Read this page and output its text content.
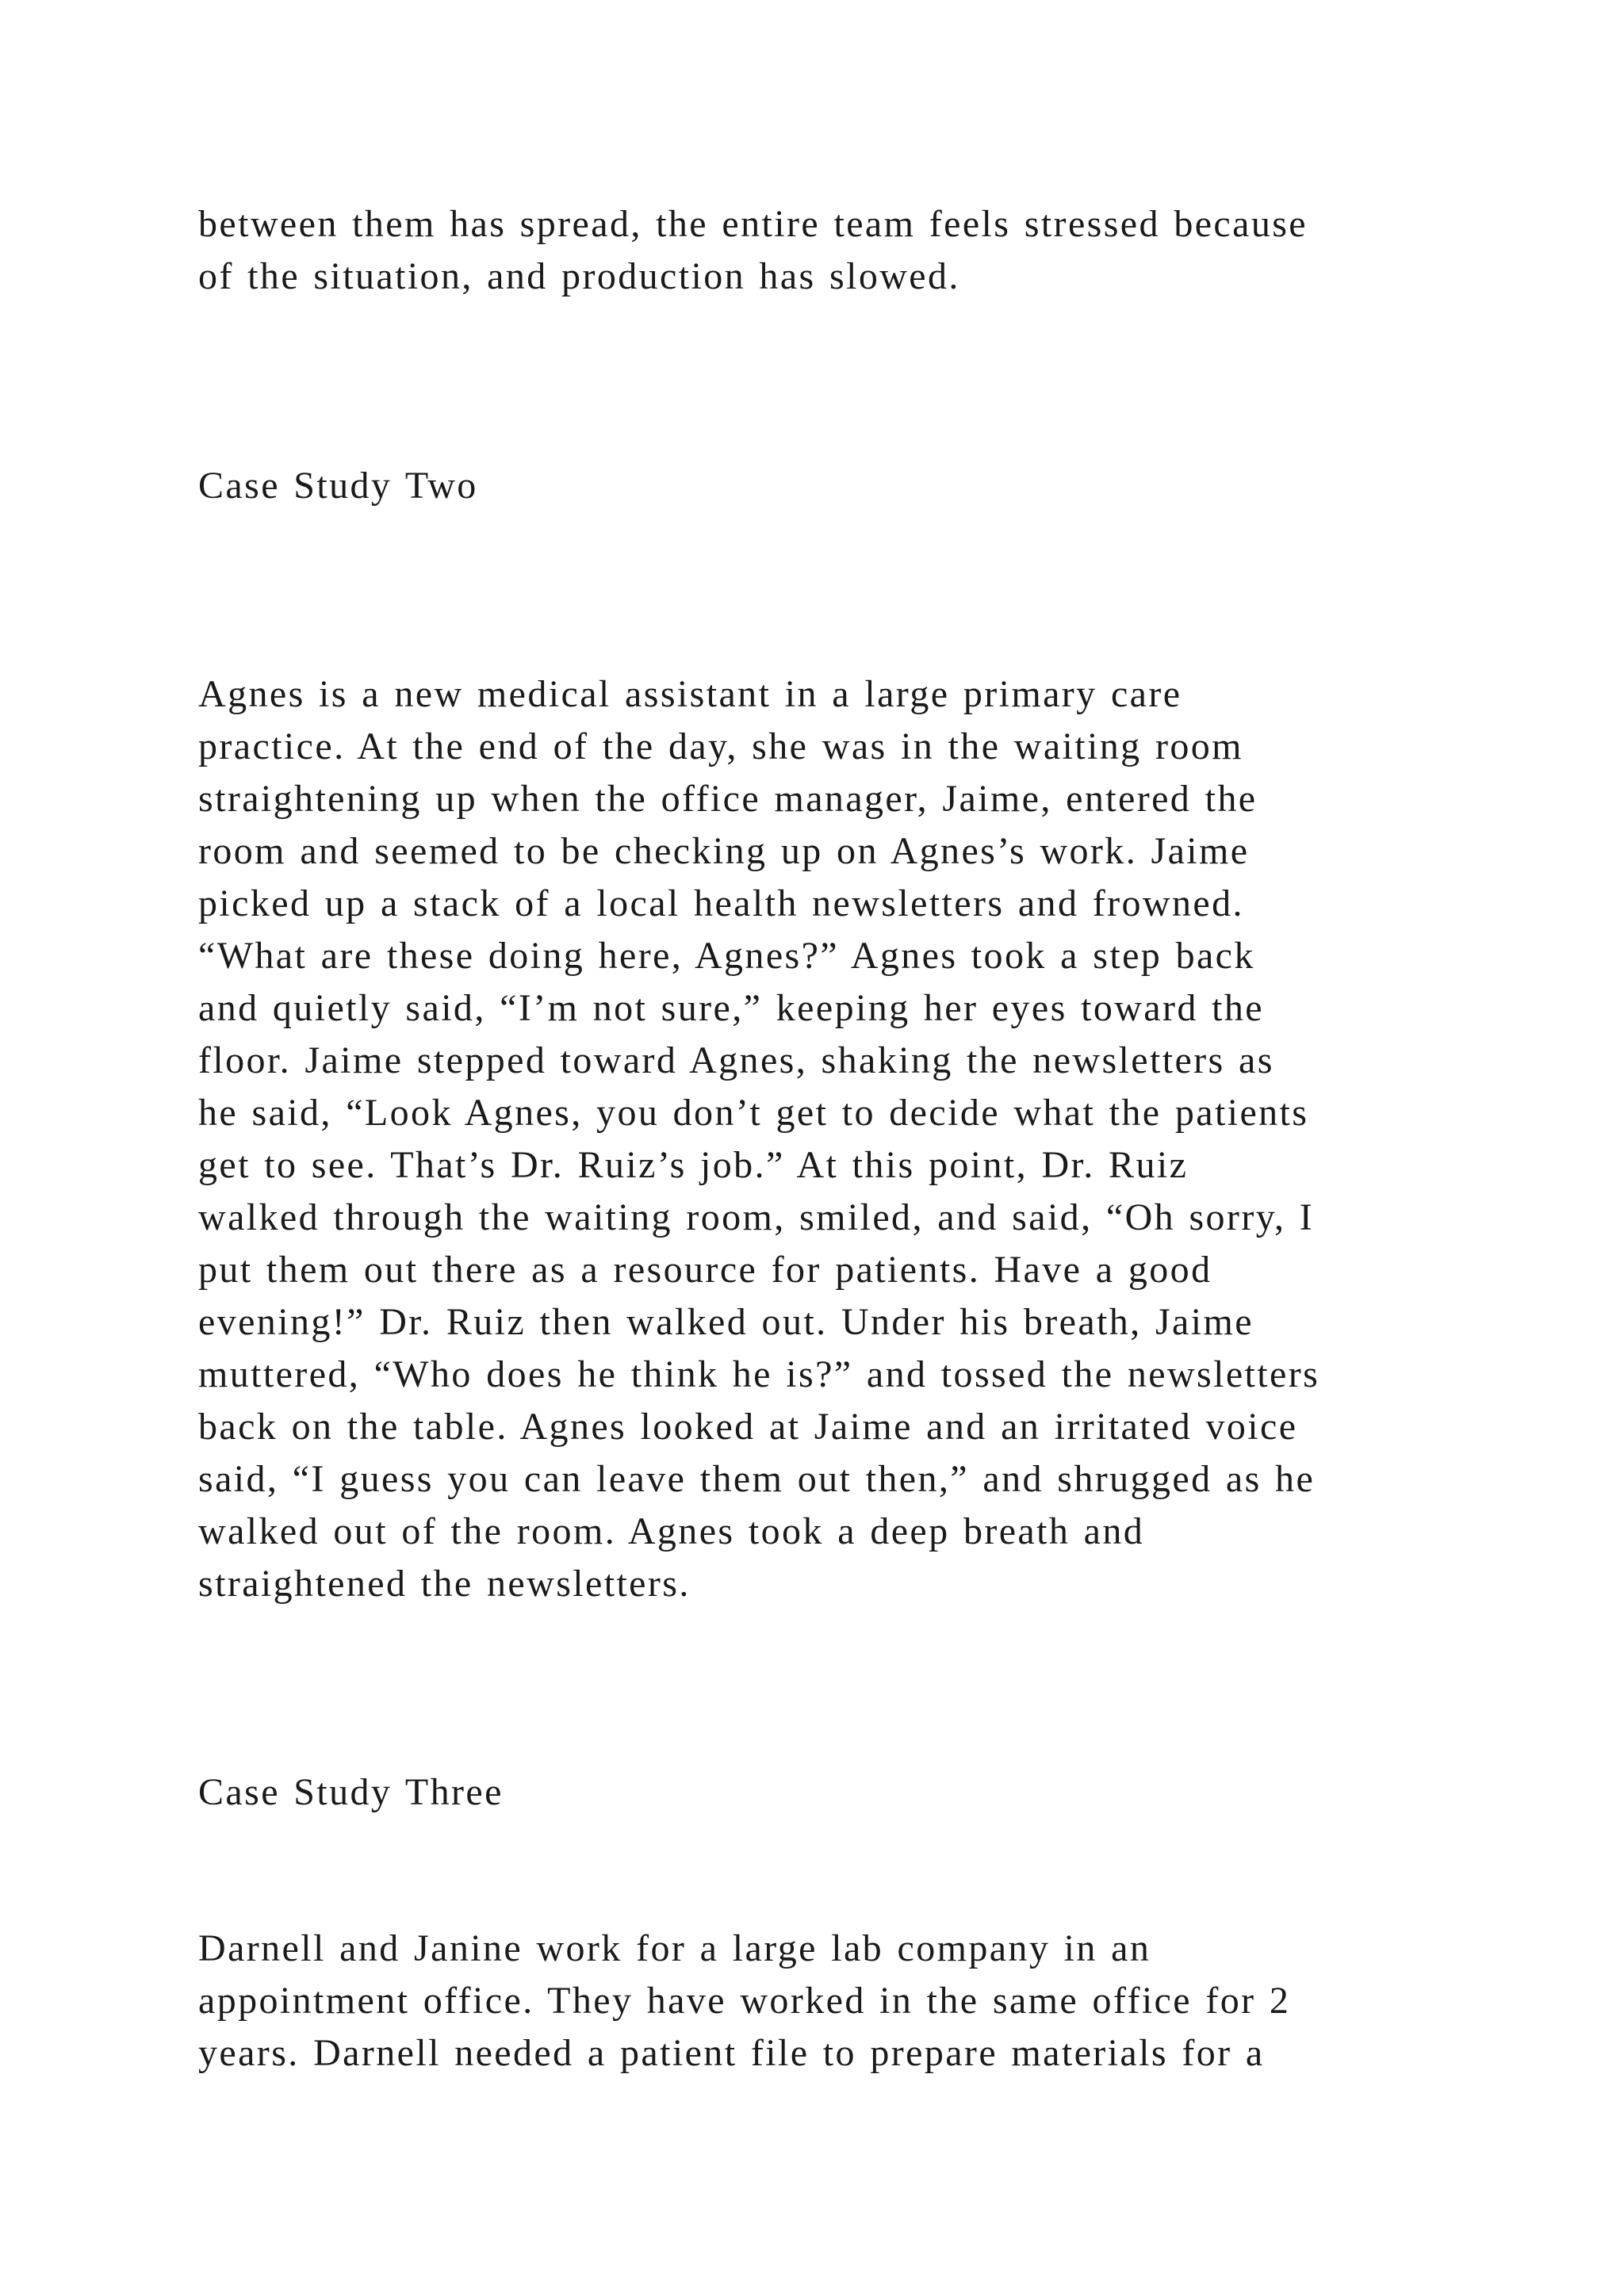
between them has spread, the entire team feels stressed because

of the situation, and production has slowed.

Case Study Two

Agnes is a new medical assistant in a large primary care

practice. At the end of the day, she was in the waiting room

straightening up when the office manager, Jaime, entered the

room and seemed to be checking up on Agnes’s work. Jaime

picked up a stack of a local health newsletters and frowned.

“What are these doing here, Agnes?” Agnes took a step back

and quietly said, “I’m not sure,” keeping her eyes toward the

floor. Jaime stepped toward Agnes, shaking the newsletters as

he said, “Look Agnes, you don’t get to decide what the patients

get to see. That’s Dr. Ruiz’s job.” At this point, Dr. Ruiz

walked through the waiting room, smiled, and said, “Oh sorry, I

put them out there as a resource for patients. Have a good

evening!” Dr. Ruiz then walked out. Under his breath, Jaime

muttered, “Who does he think he is?” and tossed the newsletters

back on the table. Agnes looked at Jaime and an irritated voice

said, “I guess you can leave them out then,” and shrugged as he

walked out of the room. Agnes took a deep breath and

straightened the newsletters.

Case Study Three

Darnell and Janine work for a large lab company in an

appointment office. They have worked in the same office for 2

years. Darnell needed a patient file to prepare materials for a
